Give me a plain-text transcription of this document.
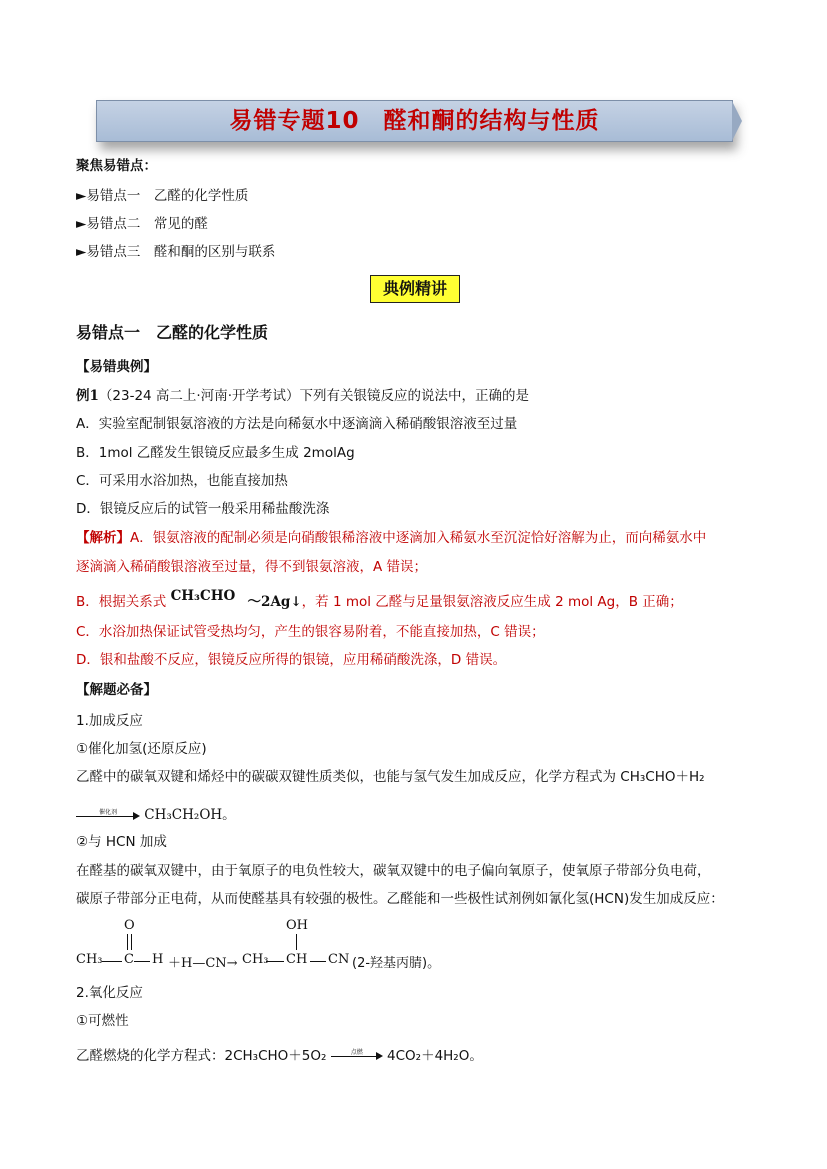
易错专题10　醛和酮的结构与性质
聚焦易错点：
►易错点一　乙醛的化学性质
►易错点二　常见的醛
►易错点三　醛和酮的区别与联系
典例精讲
易错点一　乙醛的化学性质
【易错典例】
例1（23-24 高二上·河南·开学考试）下列有关银镜反应的说法中，正确的是
A．实验室配制银氨溶液的方法是向稀氨水中逐滴滴入稀硝酸银溶液至过量
B．1mol 乙醛发生银镜反应最多生成 2molAg
C．可采用水浴加热，也能直接加热
D．银镜反应后的试管一般采用稀盐酸洗涤
【解析】A．银氨溶液的配制必须是向硝酸银稀溶液中逐滴加入稀氨水至沉淀恰好溶解为止，而向稀氨水中
逐滴滴入稀硝酸银溶液至过量，得不到银氨溶液，A 错误；
B．根据关系式 CH₃CHO ～2Ag↓，若 1 mol 乙醛与足量银氨溶液反应生成 2 mol Ag，B 正确；
C．水浴加热保证试管受热均匀，产生的银容易附着，不能直接加热，C 错误；
D．银和盐酸不反应，银镜反应所得的银镜，应用稀硝酸洗涤，D 错误。
【解题必备】
1.加成反应
①催化加氢(还原反应)
乙醛中的碳氧双键和烯烃中的碳碳双键性质类似，也能与氢气发生加成反应，化学方程式为 CH₃CHO＋H₂
催化剂	CH₃CH₂OH。
②与 HCN 加成
在醛基的碳氧双键中，由于氧原子的电负性较大，碳氧双键中的电子偏向氧原子，使氧原子带部分负电荷，
碳原子带部分正电荷，从而使醛基具有较强的极性。乙醛能和一些极性试剂例如氰化氢(HCN)发生加成反应：
O
CH₃ C H ＋H—CN→ CH₃
OH
CH CN (2-羟基丙腈)。
2.氧化反应
①可燃性
乙醛燃烧的化学方程式：2CH₃CHO＋5O₂	点燃	4CO₂＋4H₂O。
